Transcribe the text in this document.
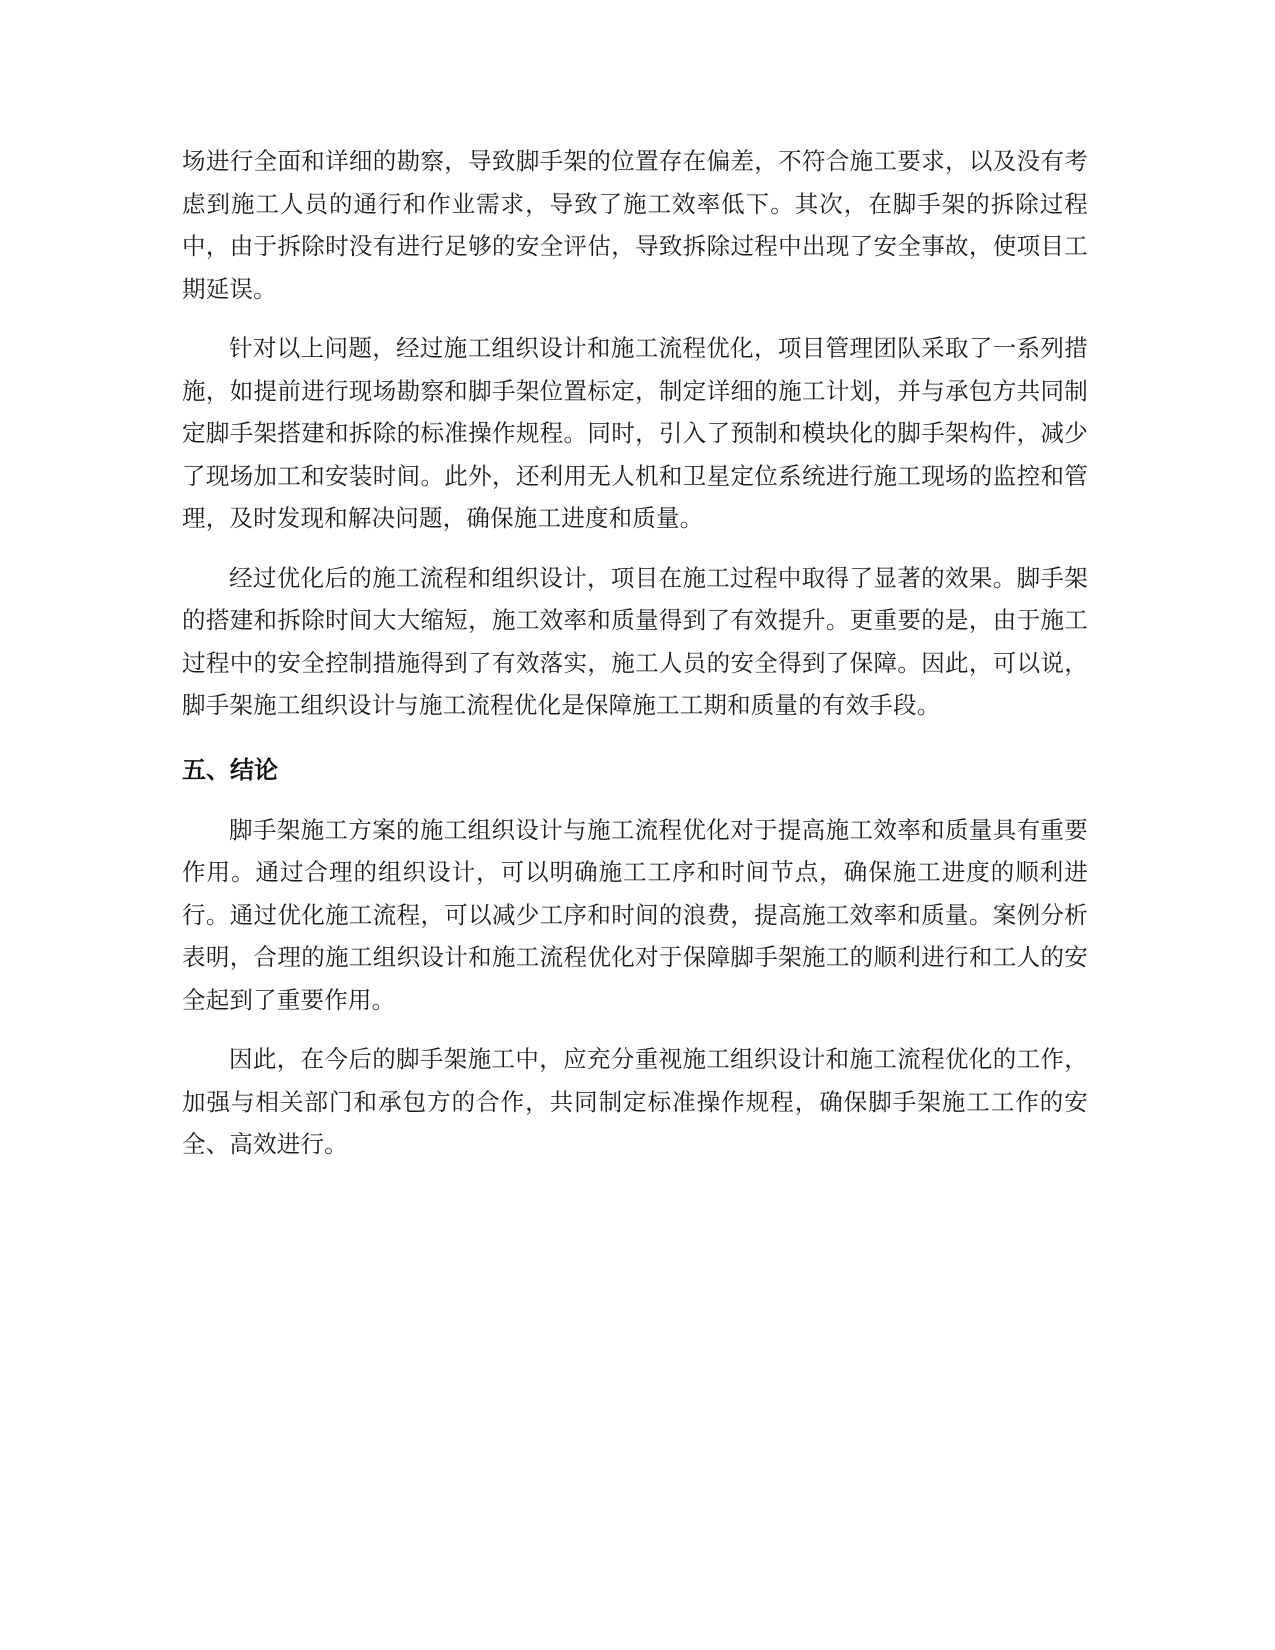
场进行全面和详细的勘察，导致脚手架的位置存在偏差，不符合施工要求，以及没有考虑到施工人员的通行和作业需求，导致了施工效率低下。其次，在脚手架的拆除过程中，由于拆除时没有进行足够的安全评估，导致拆除过程中出现了安全事故，使项目工期延误。

针对以上问题，经过施工组织设计和施工流程优化，项目管理团队采取了一系列措施，如提前进行现场勘察和脚手架位置标定，制定详细的施工计划，并与承包方共同制定脚手架搭建和拆除的标准操作规程。同时，引入了预制和模块化的脚手架构件，减少了现场加工和安装时间。此外，还利用无人机和卫星定位系统进行施工现场的监控和管理，及时发现和解决问题，确保施工进度和质量。

经过优化后的施工流程和组织设计，项目在施工过程中取得了显著的效果。脚手架的搭建和拆除时间大大缩短，施工效率和质量得到了有效提升。更重要的是，由于施工过程中的安全控制措施得到了有效落实，施工人员的安全得到了保障。因此，可以说，脚手架施工组织设计与施工流程优化是保障施工工期和质量的有效手段。

五、结论

脚手架施工方案的施工组织设计与施工流程优化对于提高施工效率和质量具有重要作用。通过合理的组织设计，可以明确施工工序和时间节点，确保施工进度的顺利进行。通过优化施工流程，可以减少工序和时间的浪费，提高施工效率和质量。案例分析表明，合理的施工组织设计和施工流程优化对于保障脚手架施工的顺利进行和工人的安全起到了重要作用。

因此，在今后的脚手架施工中，应充分重视施工组织设计和施工流程优化的工作，加强与相关部门和承包方的合作，共同制定标准操作规程，确保脚手架施工工作的安全、高效进行。
